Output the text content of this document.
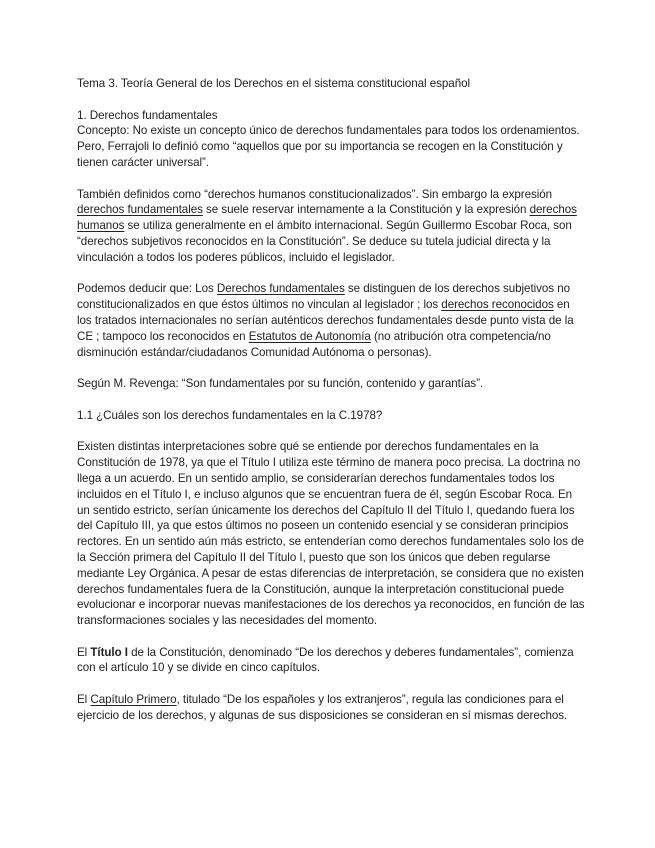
Tema 3. Teoría General de los Derechos en el sistema constitucional español

1. Derechos fundamentales

Concepto: No existe un concepto único de derechos fundamentales para todos los ordenamientos. Pero, Ferrajoli lo definió como “aquellos que por su importancia se recogen en la Constitución y tienen carácter universal”.

También definidos como “derechos humanos constitucionalizados”. Sin embargo la expresión derechos fundamentales se suele reservar internamente a la Constitución y la expresión derechos humanos se utiliza generalmente en el ámbito internacional. Según Guillermo Escobar Roca, son “derechos subjetivos reconocidos en la Constitución”. Se deduce su tutela judicial directa y la vinculación a todos los poderes públicos, incluido el legislador.

Podemos deducir que: Los Derechos fundamentales se distinguen de los derechos subjetivos no constitucionalizados en que éstos últimos no vinculan al legislador ; los derechos reconocidos en los tratados internacionales no serían auténticos derechos fundamentales desde punto vista de la CE ; tampoco los reconocidos en Estatutos de Autonomía (no atribución otra competencia/no disminución estándar/ciudadanos Comunidad Autónoma o personas).

Según M. Revenga: “Son fundamentales por su función, contenido y garantías”.

1.1 ¿Cuáles son los derechos fundamentales en la C.1978?

Existen distintas interpretaciones sobre qué se entiende por derechos fundamentales en la Constitución de 1978, ya que el Título I utiliza este término de manera poco precisa. La doctrina no llega a un acuerdo. En un sentido amplio, se considerarían derechos fundamentales todos los incluidos en el Título I, e incluso algunos que se encuentran fuera de él, según Escobar Roca. En un sentido estricto, serían únicamente los derechos del Capítulo II del Título I, quedando fuera los del Capítulo III, ya que estos últimos no poseen un contenido esencial y se consideran principios rectores. En un sentido aún más estricto, se entenderían como derechos fundamentales solo los de la Sección primera del Capítulo II del Título I, puesto que son los únicos que deben regularse mediante Ley Orgánica. A pesar de estas diferencias de interpretación, se considera que no existen derechos fundamentales fuera de la Constitución, aunque la interpretación constitucional puede evolucionar e incorporar nuevas manifestaciones de los derechos ya reconocidos, en función de las transformaciones sociales y las necesidades del momento.

El Título I de la Constitución, denominado “De los derechos y deberes fundamentales”, comienza con el artículo 10 y se divide en cinco capítulos.

El Capítulo Primero, titulado “De los españoles y los extranjeros”, regula las condiciones para el ejercicio de los derechos, y algunas de sus disposiciones se consideran en sí mismas derechos.
